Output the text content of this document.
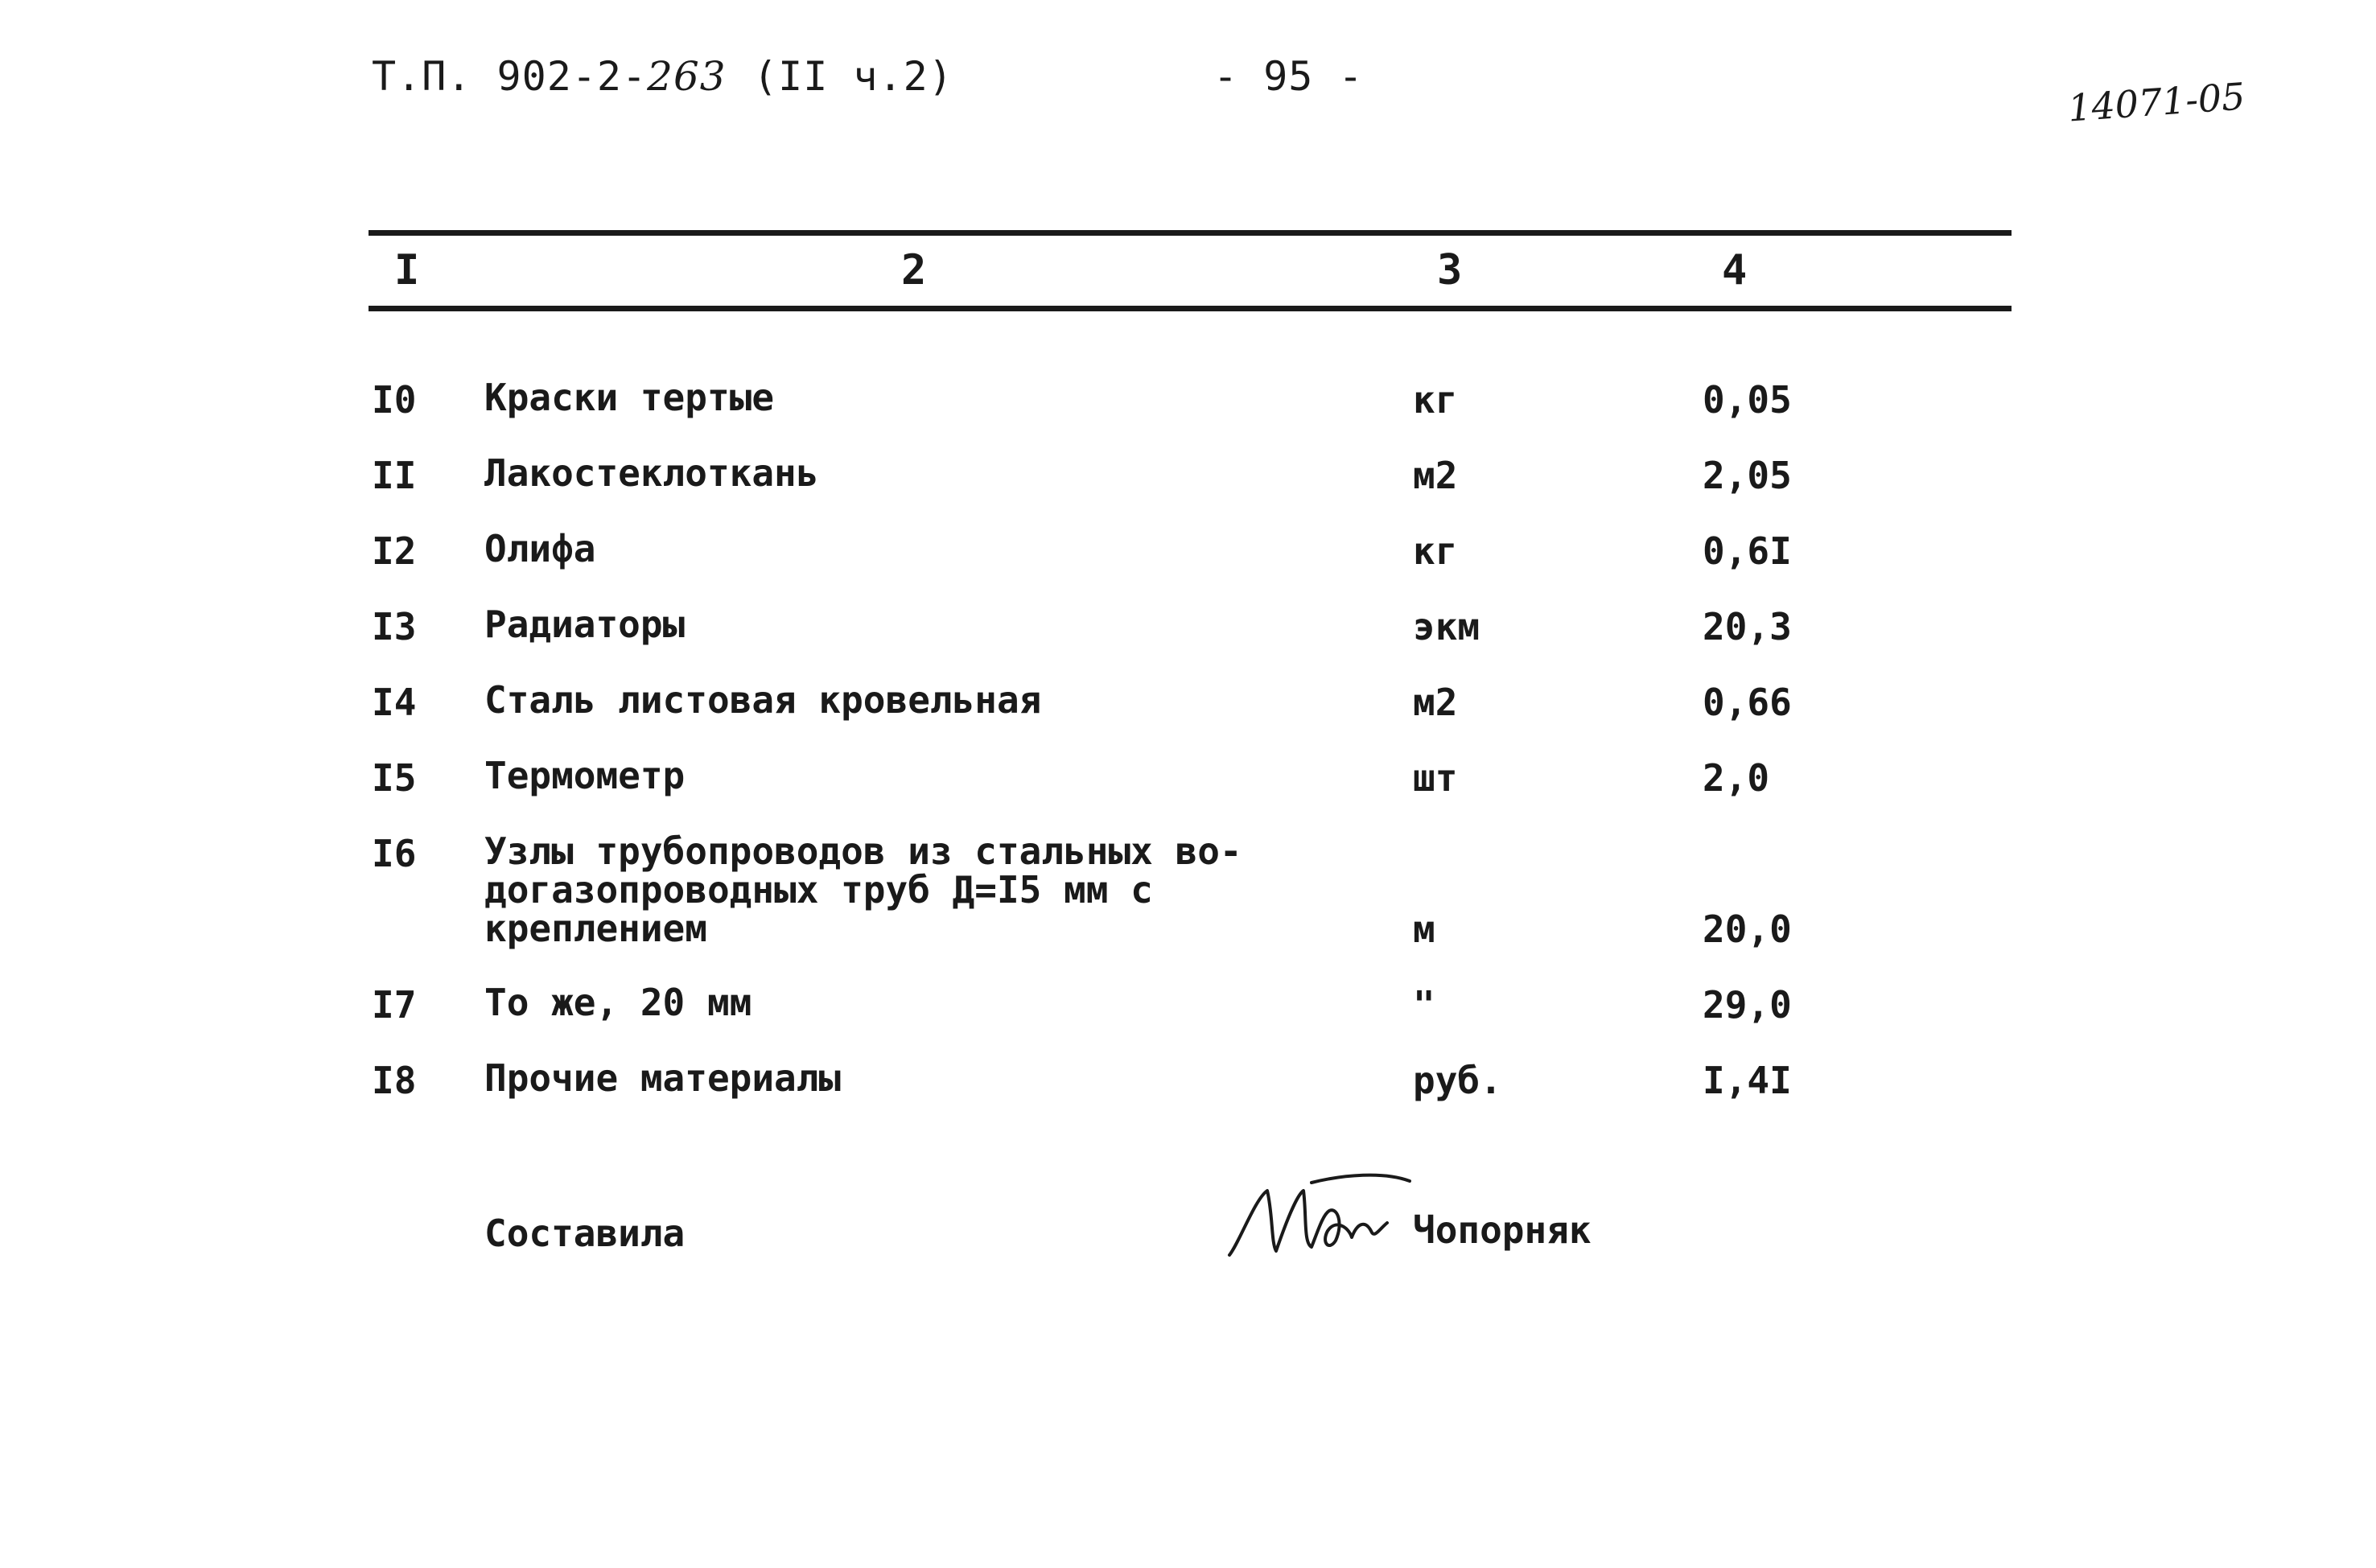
Т.П. 902-2-263 (II ч.2)	- 95 -	14071-05
I	2	3	4
I0 Краски тертые	кг	0,05
II Лакостеклоткань	м2	2,05
I2 Олифа	кг	0,6I
I3 Радиаторы	экм	20,3
I4 Сталь листовая кровельная	м2	0,66
I5 Термометр	шт	2,0
I6 Узлы трубопроводов из стальных во-
догазопроводных труб Д=I5 мм с
креплением	м	20,0
I7 То же, 20 мм	"	29,0
I8 Прочие материалы	руб.	I,4I
Составила	Чопорняк
